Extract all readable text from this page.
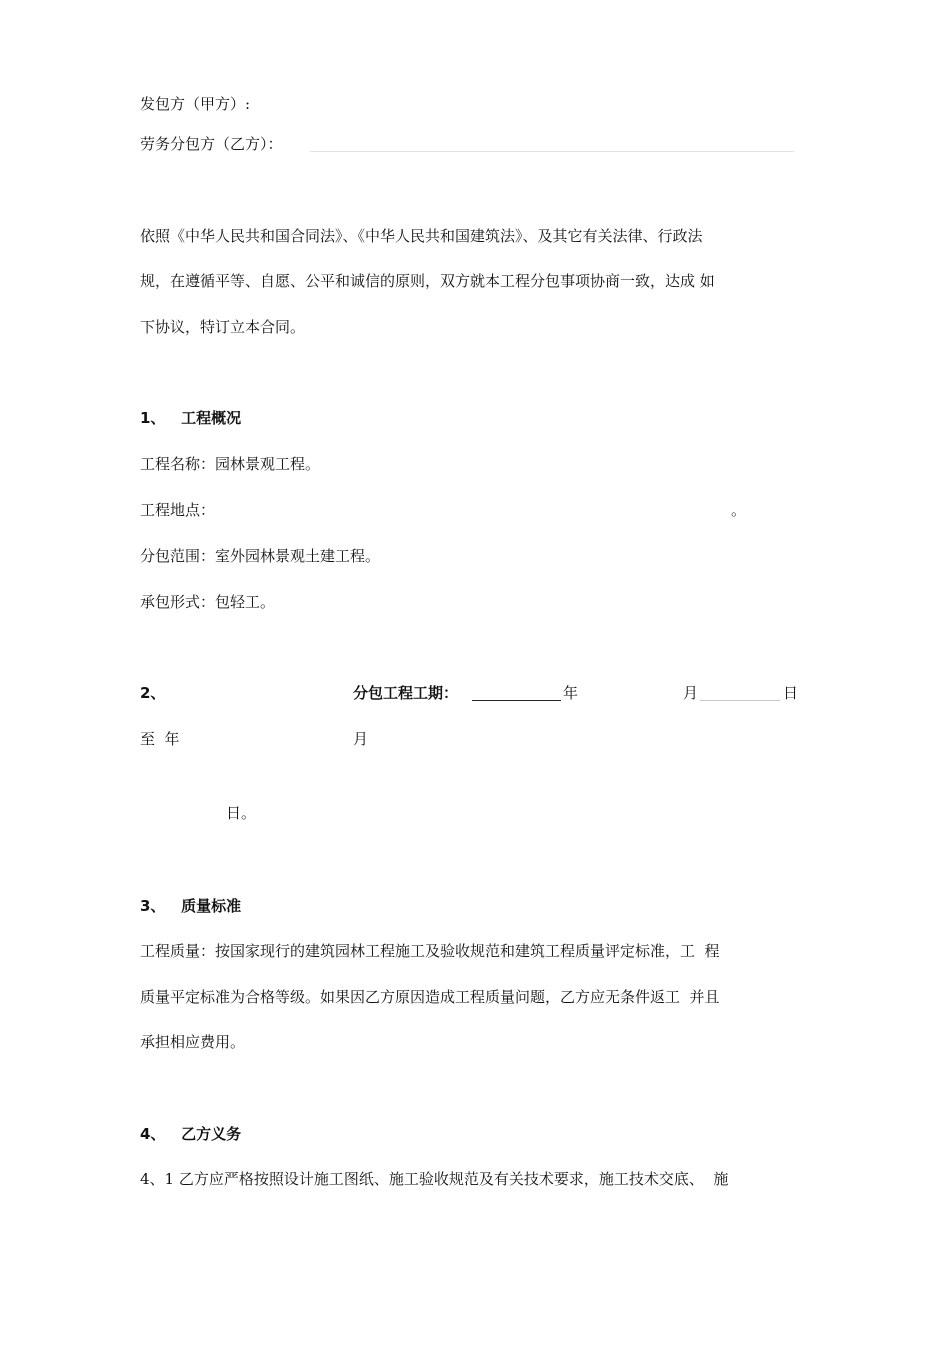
发包方（甲方）:
劳务分包方（乙方）：
依照《中华人民共和国合同法》、《中华人民共和国建筑法》、及其它有关法律、行政法
规，在遵循平等、自愿、公平和诚信的原则，双方就本工程分包事项协商一致，达成 如
下协议，特订立本合同。
1、   工程概况
工程名称：园林景观工程。
工程地点：	。
分包范围：室外园林景观土建工程。
承包形式：包轻工。
2、	分包工程工期：	年	月	日
至  年	月
日。
3、   质量标准
工程质量：按国家现行的建筑园林工程施工及验收规范和建筑工程质量评定标准，工  程
质量平定标准为合格等级。如果因乙方原因造成工程质量问题，乙方应无条件返工  并且
承担相应费用。
4、   乙方义务
4、1 乙方应严格按照设计施工图纸、施工验收规范及有关技术要求，施工技术交底、  施
